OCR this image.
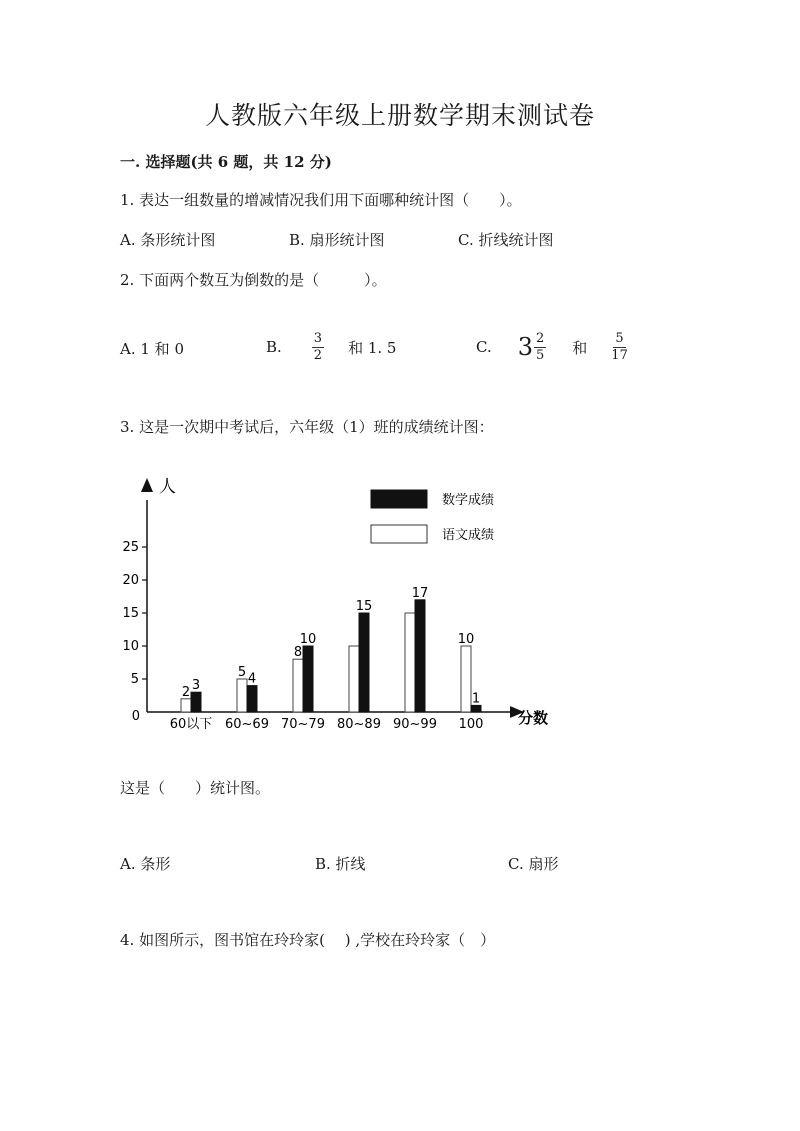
人教版六年级上册数学期末测试卷
一. 选择题(共 6 题，共 12 分)
1. 表达一组数量的增减情况我们用下面哪种统计图（　　）。
A. 条形统计图	B. 扇形统计图	C. 折线统计图
2. 下面两个数互为倒数的是（　　　）。
A. 1 和 0	B. $\frac{3}{2}$ 和 1. 5	C. $3 \frac{2}{5}$ 和 $\frac{5}{17}$
3. 这是一次期中考试后，六年级（1）班的成绩统计图：
人
分数
0
数学成绩
语文成绩
5
10
15
20
25
2 3
60以下
5 4
60~69
8
10
70~79
15
80~89
17
90~99
10
1
100
这是（　　）统计图。
A. 条形	B. 折线	C. 扇形
4. 如图所示，图书馆在玲玲家(　 ) ,学校在玲玲家（　）
